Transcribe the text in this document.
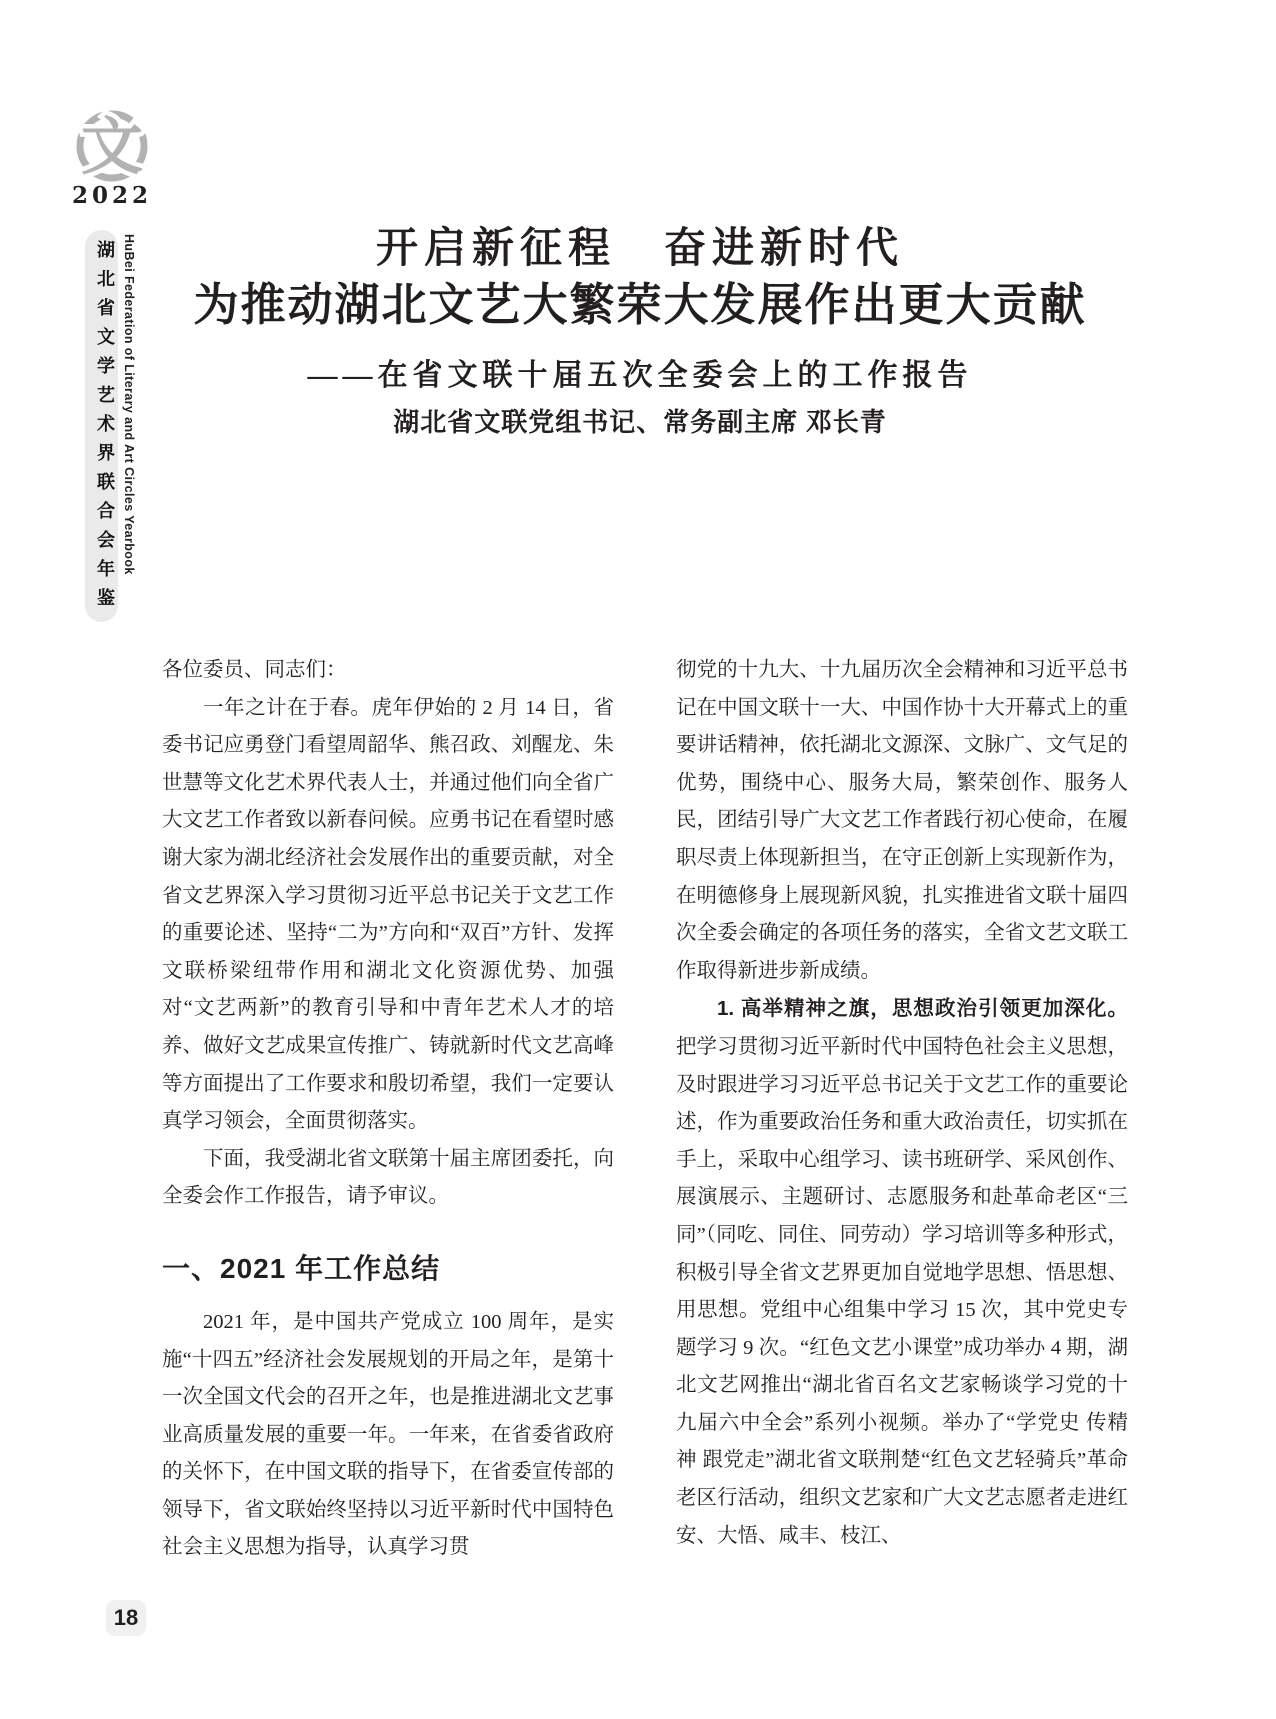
文
2022
湖北省文学艺术界联合会年鉴 HuBei Federation of Literary and Art Circles Yearbook	开启新征程　奋进新时代
为推动湖北文艺大繁荣大发展作出更大贡献
——在省文联十届五次全委会上的工作报告
湖北省文联党组书记、常务副主席 邓长青

各位委员、同志们：

一年之计在于春。虎年伊始的 2 月 14 日，省委书记应勇登门看望周韶华、熊召政、刘醒龙、朱世慧等文化艺术界代表人士，并通过他们向全省广大文艺工作者致以新春问候。应勇书记在看望时感谢大家为湖北经济社会发展作出的重要贡献，对全省文艺界深入学习贯彻习近平总书记关于文艺工作的重要论述、坚持“二为”方向和“双百”方针、发挥文联桥梁纽带作用和湖北文化资源优势、加强对“文艺两新”的教育引导和中青年艺术人才的培养、做好文艺成果宣传推广、铸就新时代文艺高峰等方面提出了工作要求和殷切希望，我们一定要认真学习领会，全面贯彻落实。

下面，我受湖北省文联第十届主席团委托，向全委会作工作报告，请予审议。

一、2021 年工作总结

2021 年，是中国共产党成立 100 周年，是实施“十四五”经济社会发展规划的开局之年，是第十一次全国文代会的召开之年，也是推进湖北文艺事业高质量发展的重要一年。一年来，在省委省政府的关怀下，在中国文联的指导下，在省委宣传部的领导下，省文联始终坚持以习近平新时代中国特色社会主义思想为指导，认真学习贯

彻党的十九大、十九届历次全会精神和习近平总书记在中国文联十一大、中国作协十大开幕式上的重要讲话精神，依托湖北文源深、文脉广、文气足的优势，围绕中心、服务大局，繁荣创作、服务人民，团结引导广大文艺工作者践行初心使命，在履职尽责上体现新担当，在守正创新上实现新作为，在明德修身上展现新风貌，扎实推进省文联十届四次全委会确定的各项任务的落实，全省文艺文联工作取得新进步新成绩。

1. 高举精神之旗，思想政治引领更加深化。把学习贯彻习近平新时代中国特色社会主义思想，及时跟进学习习近平总书记关于文艺工作的重要论述，作为重要政治任务和重大政治责任，切实抓在手上，采取中心组学习、读书班研学、采风创作、展演展示、主题研讨、志愿服务和赴革命老区“三同”（同吃、同住、同劳动）学习培训等多种形式，积极引导全省文艺界更加自觉地学思想、悟思想、用思想。党组中心组集中学习 15 次，其中党史专题学习 9 次。“红色文艺小课堂”成功举办 4 期，湖北文艺网推出“湖北省百名文艺家畅谈学习党的十九届六中全会”系列小视频。举办了“学党史 传精神 跟党走”湖北省文联荆楚“红色文艺轻骑兵”革命老区行活动，组织文艺家和广大文艺志愿者走进红安、大悟、咸丰、枝江、

18
